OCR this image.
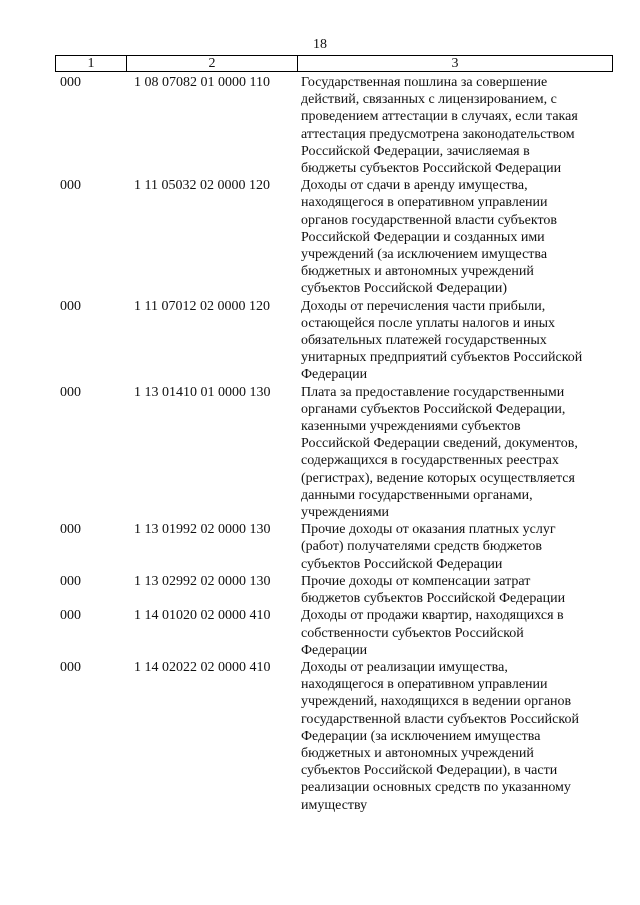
18
1	2	3
000	1 08 07082 01 0000 110	Государственная пошлина за совершение
действий, связанных с лицензированием, с
проведением аттестации в случаях, если такая
аттестация предусмотрена законодательством
Российской Федерации, зачисляемая в
бюджеты субъектов Российской Федерации
000	1 11 05032 02 0000 120	Доходы от сдачи в аренду имущества,
находящегося в оперативном управлении
органов государственной власти субъектов
Российской Федерации и созданных ими
учреждений (за исключением имущества
бюджетных и автономных учреждений
субъектов Российской Федерации)
000	1 11 07012 02 0000 120	Доходы от перечисления части прибыли,
остающейся после уплаты налогов и иных
обязательных платежей государственных
унитарных предприятий субъектов Российской
Федерации
000	1 13 01410 01 0000 130	Плата за предоставление государственными
органами субъектов Российской Федерации,
казенными учреждениями субъектов
Российской Федерации сведений, документов,
содержащихся в государственных реестрах
(регистрах), ведение которых осуществляется
данными государственными органами,
учреждениями
000	1 13 01992 02 0000 130	Прочие доходы от оказания платных услуг
(работ) получателями средств бюджетов
субъектов Российской Федерации
000	1 13 02992 02 0000 130	Прочие доходы от компенсации затрат
бюджетов субъектов Российской Федерации
000	1 14 01020 02 0000 410	Доходы от продажи квартир, находящихся в
собственности субъектов Российской
Федерации
000	1 14 02022 02 0000 410	Доходы от реализации имущества,
находящегося в оперативном управлении
учреждений, находящихся в ведении органов
государственной власти субъектов Российской
Федерации (за исключением имущества
бюджетных и автономных учреждений
субъектов Российской Федерации), в части
реализации основных средств по указанному
имуществу
